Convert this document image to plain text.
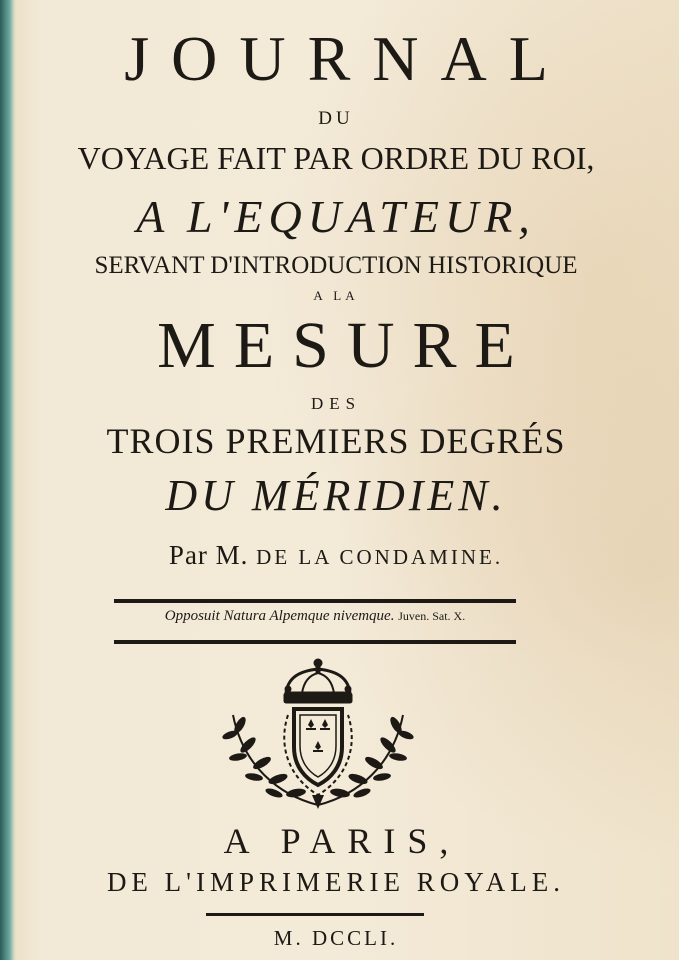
JOURNAL

DU

VOYAGE FAIT PAR ORDRE DU ROI,

A L'EQUATEUR,

SERVANT D'INTRODUCTION HISTORIQUE

A LA

MESURE

DES

TROIS PREMIERS DEGRÉS

DU MÉRIDIEN.

Par M. DE LA CONDAMINE.

Opposuit Natura Alpemque nivemque. Juven. Sat. X.

A PARIS,

DE L'IMPRIMERIE ROYALE.

M. DCCLI.
